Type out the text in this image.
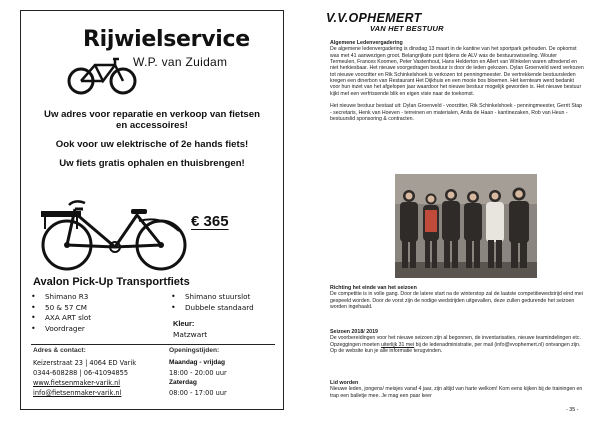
Rijwielservice
W.P. van Zuidam
Uw adres voor reparatie en verkoop van fietsen
en accessoires!
Ook voor uw elektrische of 2e hands fiets!
Uw fiets gratis ophalen en thuisbrengen!
€ 365
Avalon Pick-Up Transportfiets
• Shimano R3
• 50 & 57 CM
• AXA ART slot
• Voordrager
• Shimano stuurslot
• Dubbele standaard
Kleur:
Matzwart
Adres & contact:
Keizerstraat 23 | 4064 ED Varik
0344-608288 | 06-41094855
www.fietsenmaker-varik.nl
info@fietsenmaker-varik.nl
Openingstijden:
Maandag - vrijdag
18:00 - 20:00 uur
Zaterdag
08:00 - 17:00 uur
V.V.OPHEMERT
VAN HET BESTUUR
Algemene Ledenvergadering

De algemene ledenvergadering is dinsdag 13 maart in de kantine van het sportpark gehouden. De opkomst was met 41 aanwezigen groot. Belangrijkste punt tijdens de ALV was de bestuurswisseling. Wouter Termeulen, Frances Koomen, Peter Vastenhout, Hans Helderton en Allert van Winkelen waren aftredend en niet herkiesbaar. Het nieuwe voorgedragen bestuur is door de leden gekozen. Dylan Groenveld werd verkozen tot nieuwe voorzitter en Rik Schinkelshoek is verkozen tot penningmeester. De vertrekkende bestuursleden kregen een dinerbon van Restaurant Het Dijkhuis en een mooie bos bloemen. Het kernteam werd bedankt voor hun inzet van het afgelopen jaar waardoor het nieuwe bestuur mogelijk geworden is. Het nieuwe bestuur kijkt met een verfrissende blik en eigen visie naar de toekomst.

Het nieuwe bestuur bestaat uit: Dylan Groenveld - voorzitter, Rik Schinkelshoek - penningmeester, Gerrit Stap - secretaris, Henk van Hoeven - terreinen en materialen, Anita de Haan - kantinezaken, Rob van Heun - bestuurslid sponsoring & contracten.

Richting het einde van het seizoen

De competitie is in volle gang. Door de latere start na de winterstop zal de laatste competitiewedstrijd eind mei gespeeld worden. Door de vorst zijn de nodige wedstrijden uitgevallen, deze zullen gedurende het seizoen worden ingehaald.

Seizoen 2018/ 2019

De voorbereidingen voor het nieuwe seizoen zijn al begonnen, de inventarisaties, nieuwe teamindelingen etc. Opzeggingen moeten uiterlijk 31 mei bij de ledenadministratie, per mail (info@vvophemert.nl) ontvangen zijn. Op de website kun je alle informatie terugvinden.

Lid worden

Nieuwe leden, jongens/ meisjes vanaf 4 jaar, zijn altijd van harte welkom! Kom eens kijken bij de trainingen en trap een balletje mee. Je mag een paar keer

- 35 -
